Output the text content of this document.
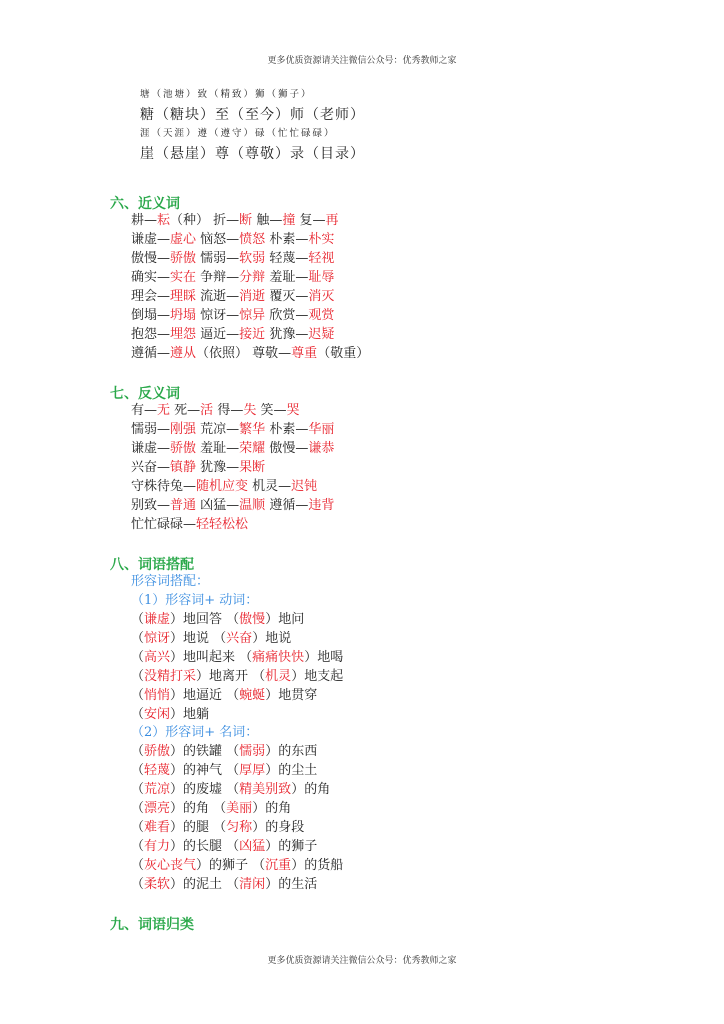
更多优质资源请关注微信公众号：优秀教师之家
塘（池塘）致（精致）狮（狮子）
糖（糖块）至（至今）师（老师）
涯（天涯）遵（遵守）碌（忙忙碌碌）
崖（悬崖）尊（尊敬）录（目录）
六、近义词
耕—耘（种） 折—断 触—撞 复—再
谦虚—虚心 恼怒—愤怒 朴素—朴实
傲慢—骄傲 懦弱—软弱 轻蔑—轻视
确实—实在 争辩—分辩 羞耻—耻辱
理会—理睬 流逝—消逝 覆灭—消灭
倒塌—坍塌 惊讶—惊异 欣赏—观赏
抱怨—埋怨 逼近—接近 犹豫—迟疑
遵循—遵从（依照） 尊敬—尊重（敬重）
七、反义词
有—无 死—活 得—失 笑—哭
懦弱—刚强 荒凉—繁华 朴素—华丽
谦虚—骄傲 羞耻—荣耀 傲慢—谦恭
兴奋—镇静 犹豫—果断
守株待兔—随机应变 机灵—迟钝
别致—普通 凶猛—温顺 遵循—违背
忙忙碌碌—轻轻松松
八、词语搭配
形容词搭配：
（1）形容词+ 动词：
（谦虚）地回答 （傲慢）地问
（惊讶）地说 （兴奋）地说
（高兴）地叫起来 （痛痛快快）地喝
（没精打采）地离开 （机灵）地支起
（悄悄）地逼近 （蜿蜒）地贯穿
（安闲）地躺
（2）形容词+ 名词：
（骄傲）的铁罐 （懦弱）的东西
（轻蔑）的神气 （厚厚）的尘土
（荒凉）的废墟 （精美别致）的角
（漂亮）的角 （美丽）的角
（难看）的腿 （匀称）的身段
（有力）的长腿 （凶猛）的狮子
（灰心丧气）的狮子 （沉重）的货船
（柔软）的泥土 （清闲）的生活
九、词语归类
更多优质资源请关注微信公众号：优秀教师之家
